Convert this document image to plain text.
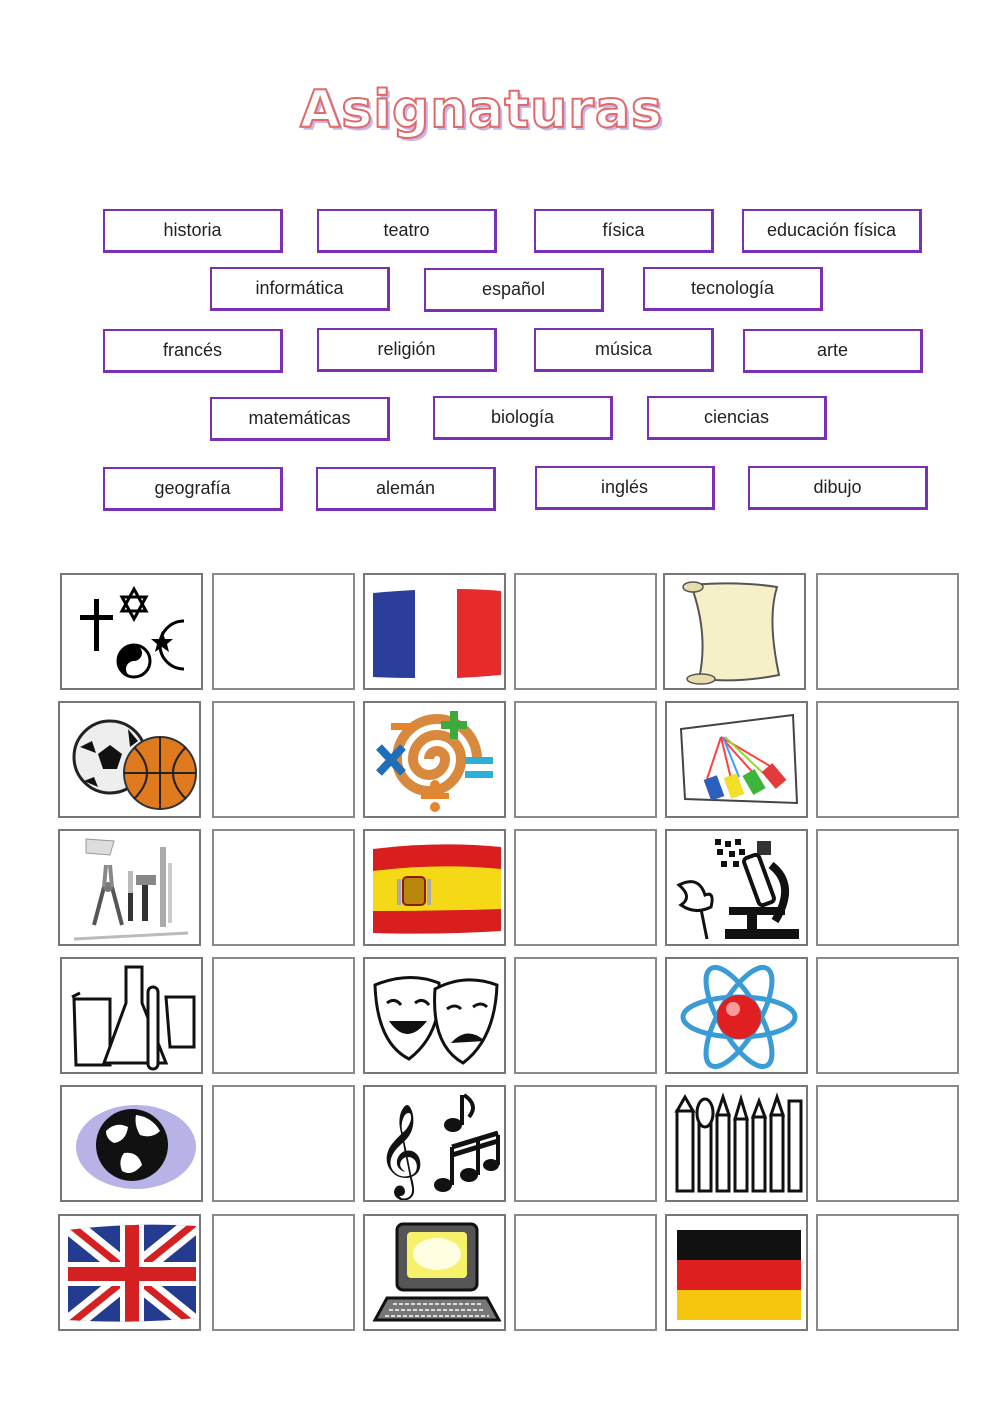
Asignaturas
historia	teatro	física	educación física
informática	español	tecnología
francés	religión	música	arte
matemáticas	biología	ciencias
geografía	alemán	inglés	dibujo
𝄞
